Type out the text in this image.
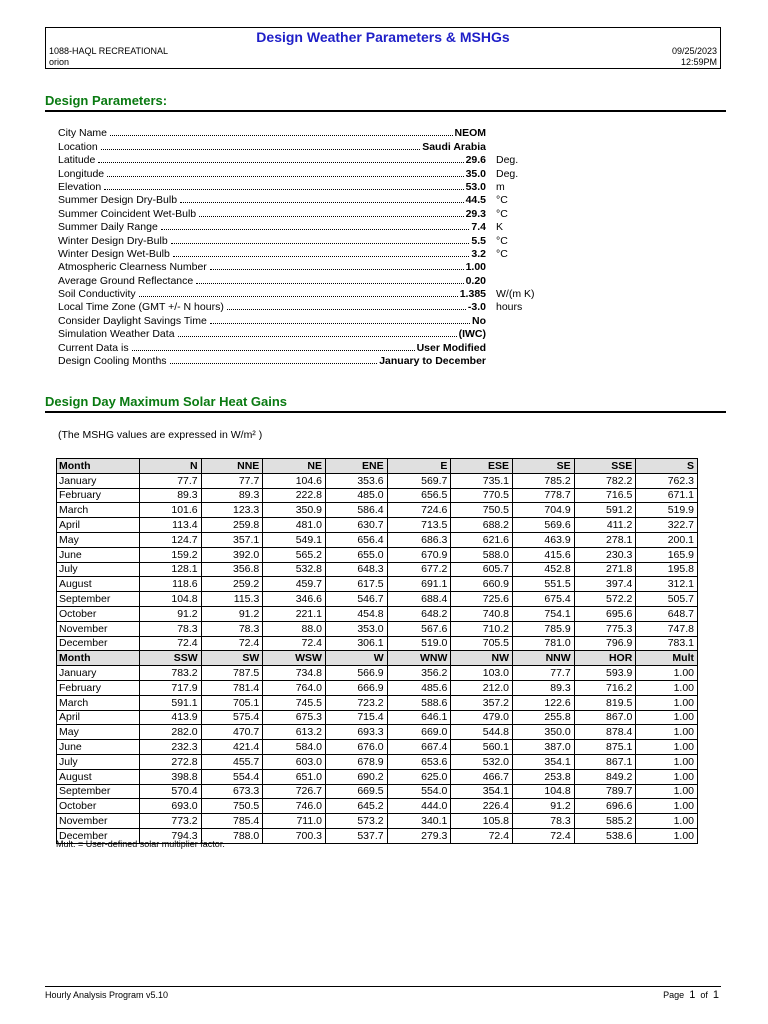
Design Weather Parameters & MSHGs
1088-HAQL RECREATIONAL
orion
09/25/2023
12:59PM
Design Parameters:
City Name	NEOM
Location	Saudi Arabia
Latitude	29.6 Deg.
Longitude	35.0 Deg.
Elevation	53.0 m
Summer Design Dry-Bulb	44.5 °C
Summer Coincident Wet-Bulb	29.3 °C
Summer Daily Range	7.4 K
Winter Design Dry-Bulb	5.5 °C
Winter Design Wet-Bulb	3.2 °C
Atmospheric Clearness Number	1.00
Average Ground Reflectance	0.20
Soil Conductivity	1.385 W/(m K)
Local Time Zone (GMT +/- N hours)	-3.0 hours
Consider Daylight Savings Time	No
Simulation Weather Data	(IWC)
Current Data is	User Modified
Design Cooling Months	January to December
Design Day Maximum Solar Heat Gains
(The MSHG values are expressed in W/m² )
Month	N	NNE	NE	ENE	E	ESE	SE	SSE	S
January	77.7	77.7	104.6	353.6	569.7	735.1	785.2	782.2	762.3
February	89.3	89.3	222.8	485.0	656.5	770.5	778.7	716.5	671.1
March	101.6	123.3	350.9	586.4	724.6	750.5	704.9	591.2	519.9
April	113.4	259.8	481.0	630.7	713.5	688.2	569.6	411.2	322.7
May	124.7	357.1	549.1	656.4	686.3	621.6	463.9	278.1	200.1
June	159.2	392.0	565.2	655.0	670.9	588.0	415.6	230.3	165.9
July	128.1	356.8	532.8	648.3	677.2	605.7	452.8	271.8	195.8
August	118.6	259.2	459.7	617.5	691.1	660.9	551.5	397.4	312.1
September	104.8	115.3	346.6	546.7	688.4	725.6	675.4	572.2	505.7
October	91.2	91.2	221.1	454.8	648.2	740.8	754.1	695.6	648.7
November	78.3	78.3	88.0	353.0	567.6	710.2	785.9	775.3	747.8
December	72.4	72.4	72.4	306.1	519.0	705.5	781.0	796.9	783.1
Month	SSW	SW	WSW	W	WNW	NW	NNW	HOR	Mult
January	783.2	787.5	734.8	566.9	356.2	103.0	77.7	593.9	1.00
February	717.9	781.4	764.0	666.9	485.6	212.0	89.3	716.2	1.00
March	591.1	705.1	745.5	723.2	588.6	357.2	122.6	819.5	1.00
April	413.9	575.4	675.3	715.4	646.1	479.0	255.8	867.0	1.00
May	282.0	470.7	613.2	693.3	669.0	544.8	350.0	878.4	1.00
June	232.3	421.4	584.0	676.0	667.4	560.1	387.0	875.1	1.00
July	272.8	455.7	603.0	678.9	653.6	532.0	354.1	867.1	1.00
August	398.8	554.4	651.0	690.2	625.0	466.7	253.8	849.2	1.00
September	570.4	673.3	726.7	669.5	554.0	354.1	104.8	789.7	1.00
October	693.0	750.5	746.0	645.2	444.0	226.4	91.2	696.6	1.00
November	773.2	785.4	711.0	573.2	340.1	105.8	78.3	585.2	1.00
December	794.3	788.0	700.3	537.7	279.3	72.4	72.4	538.6	1.00
Mult. = User-defined solar multiplier factor.
Hourly Analysis Program v5.10	Page 1 of 1
